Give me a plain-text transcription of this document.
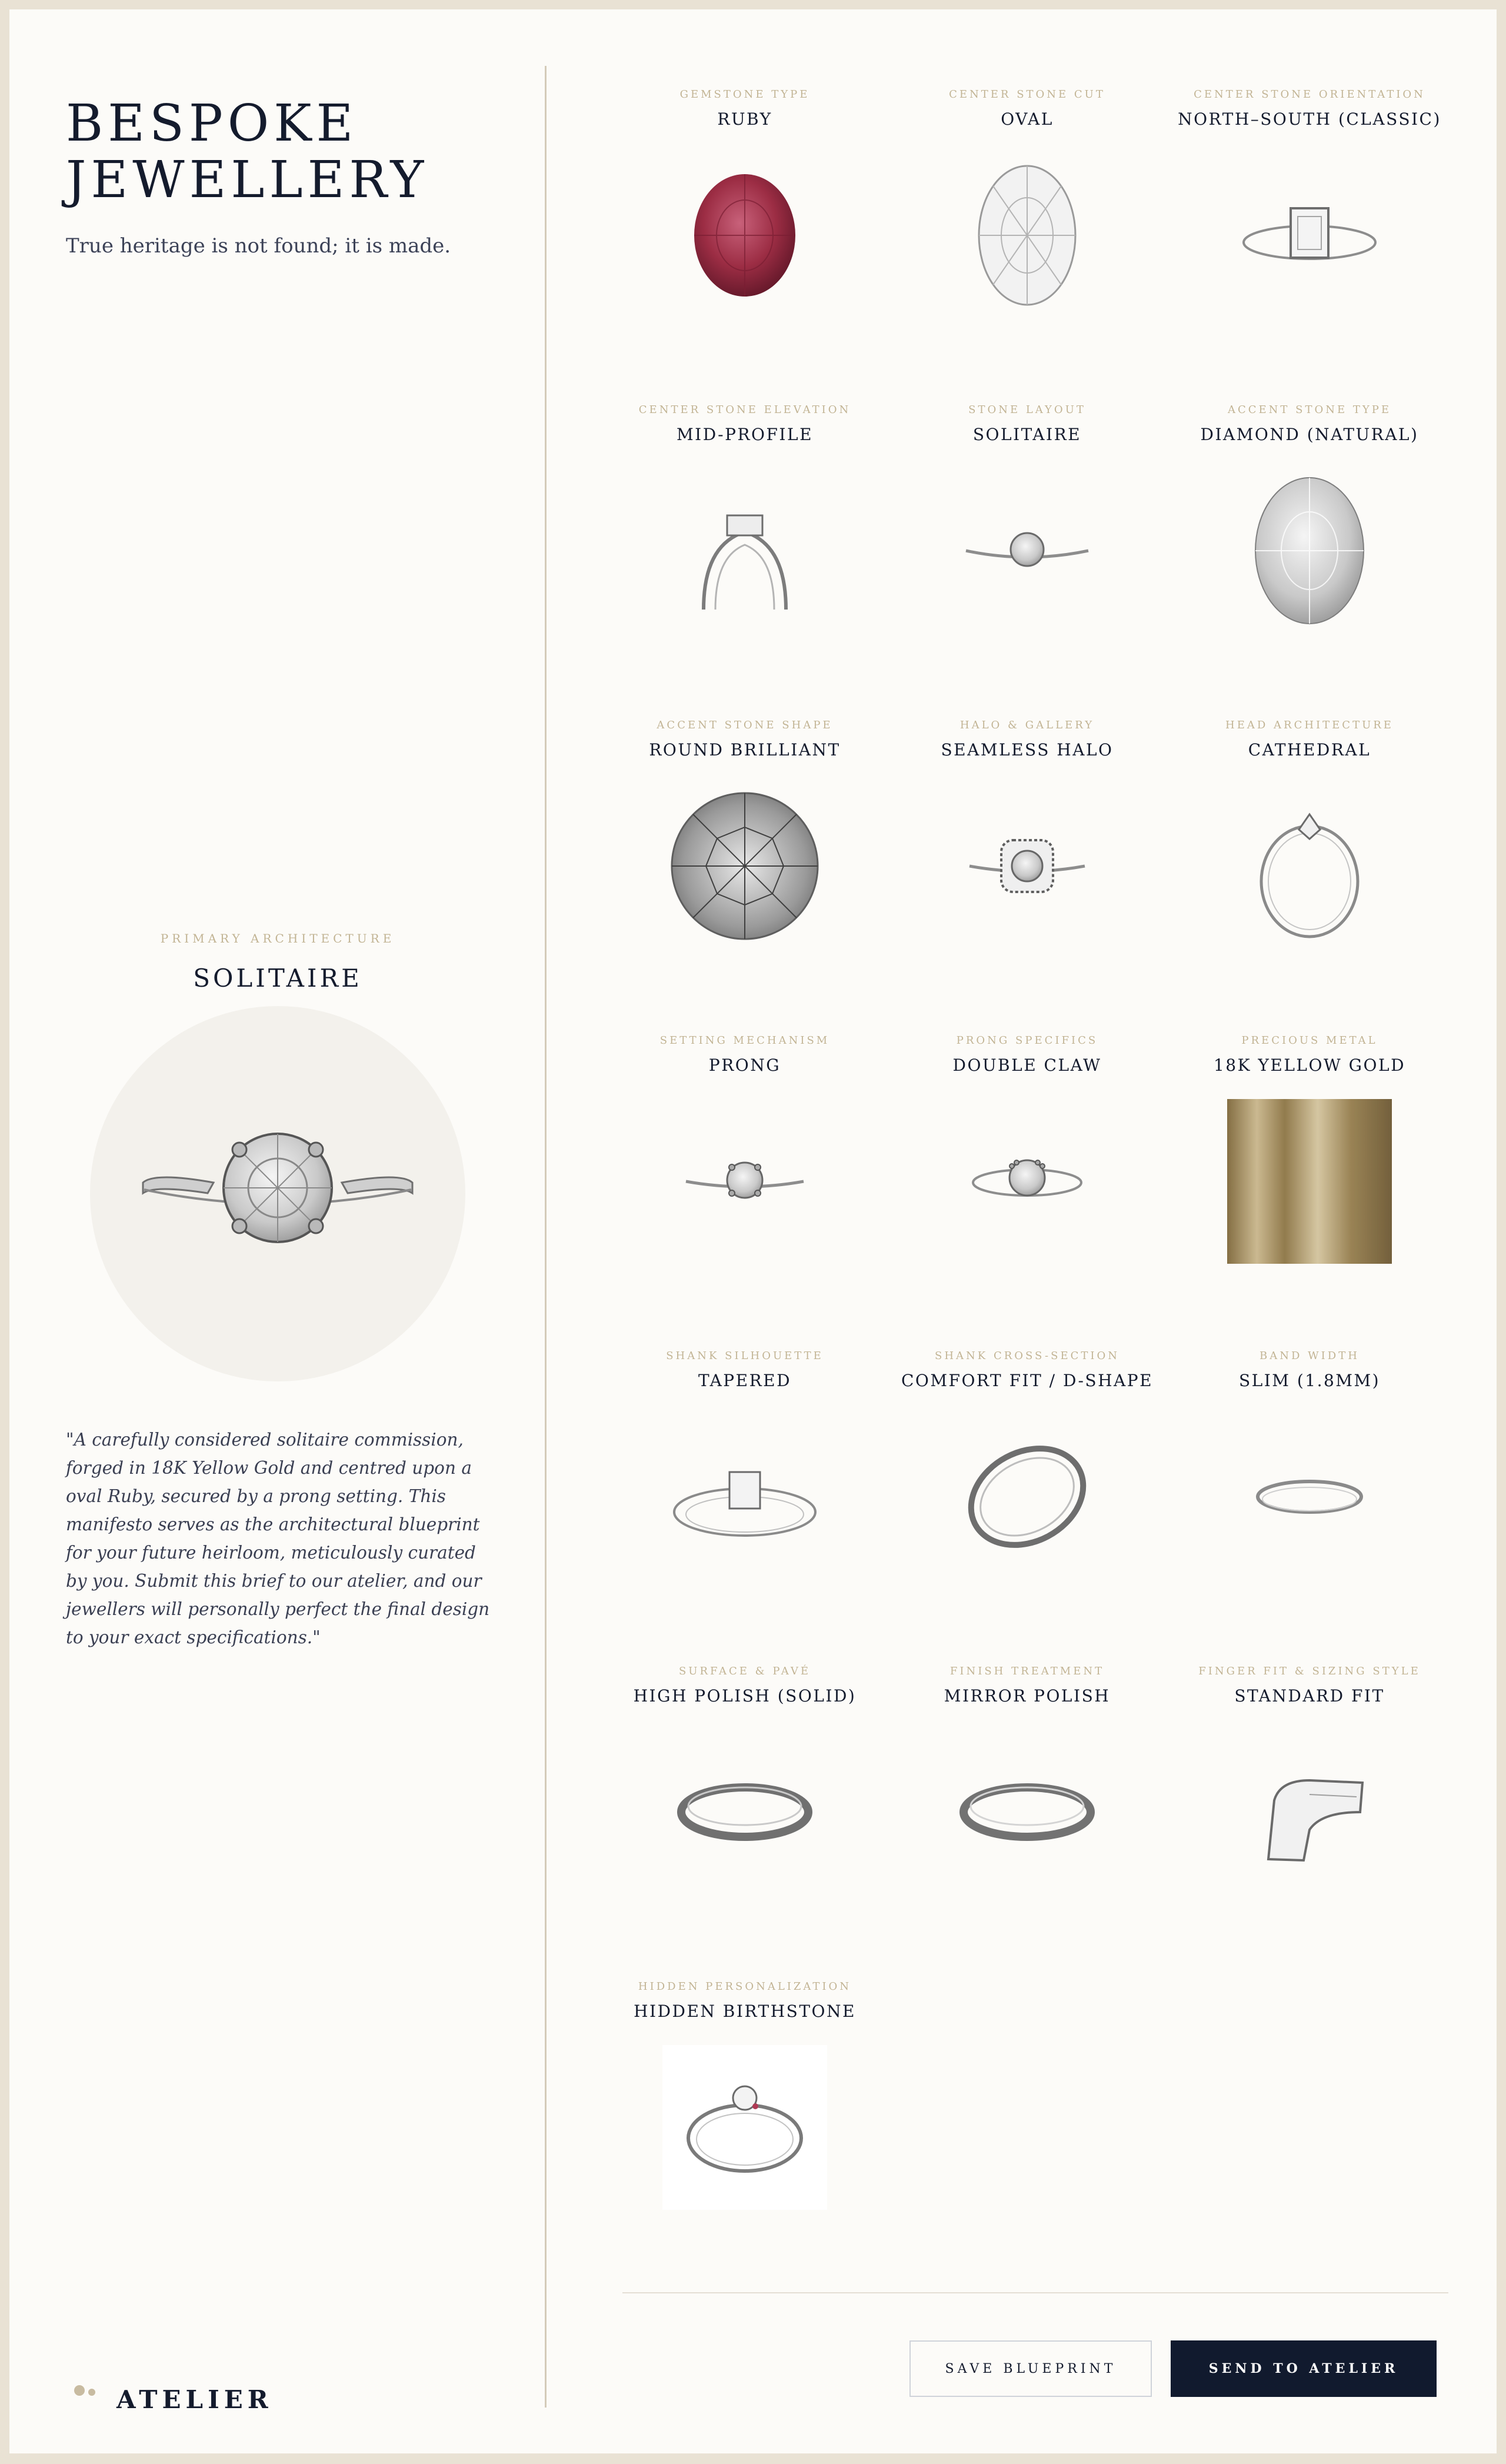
BESPOKE
JEWELLERY
True heritage is not found; it is made.
PRIMARY ARCHITECTURE
SOLITAIRE
"A carefully considered solitaire commission, forged in 18K Yellow Gold and centred upon a oval Ruby, secured by a prong setting. This manifesto serves as the architectural blueprint for your future heirloom, meticulously curated by you. Submit this brief to our atelier, and our jewellers will personally perfect the final design to your exact specifications."
ATELIER
GEMSTONE TYPE
RUBY
CENTER STONE CUT
OVAL
CENTER STONE ORIENTATION
NORTH–SOUTH (CLASSIC)
CENTER STONE ELEVATION
MID-PROFILE
STONE LAYOUT
SOLITAIRE
ACCENT STONE TYPE
DIAMOND (NATURAL)
ACCENT STONE SHAPE
ROUND BRILLIANT
HALO & GALLERY
SEAMLESS HALO
HEAD ARCHITECTURE
CATHEDRAL
SETTING MECHANISM
PRONG
PRONG SPECIFICS
DOUBLE CLAW
PRECIOUS METAL
18K YELLOW GOLD
SHANK SILHOUETTE
TAPERED
SHANK CROSS-SECTION
COMFORT FIT / D-SHAPE
BAND WIDTH
SLIM (1.8MM)
SURFACE & PAVÉ
HIGH POLISH (SOLID)
FINISH TREATMENT
MIRROR POLISH
FINGER FIT & SIZING STYLE
STANDARD FIT
HIDDEN PERSONALIZATION
HIDDEN BIRTHSTONE
SAVE BLUEPRINT	SEND TO ATELIER
